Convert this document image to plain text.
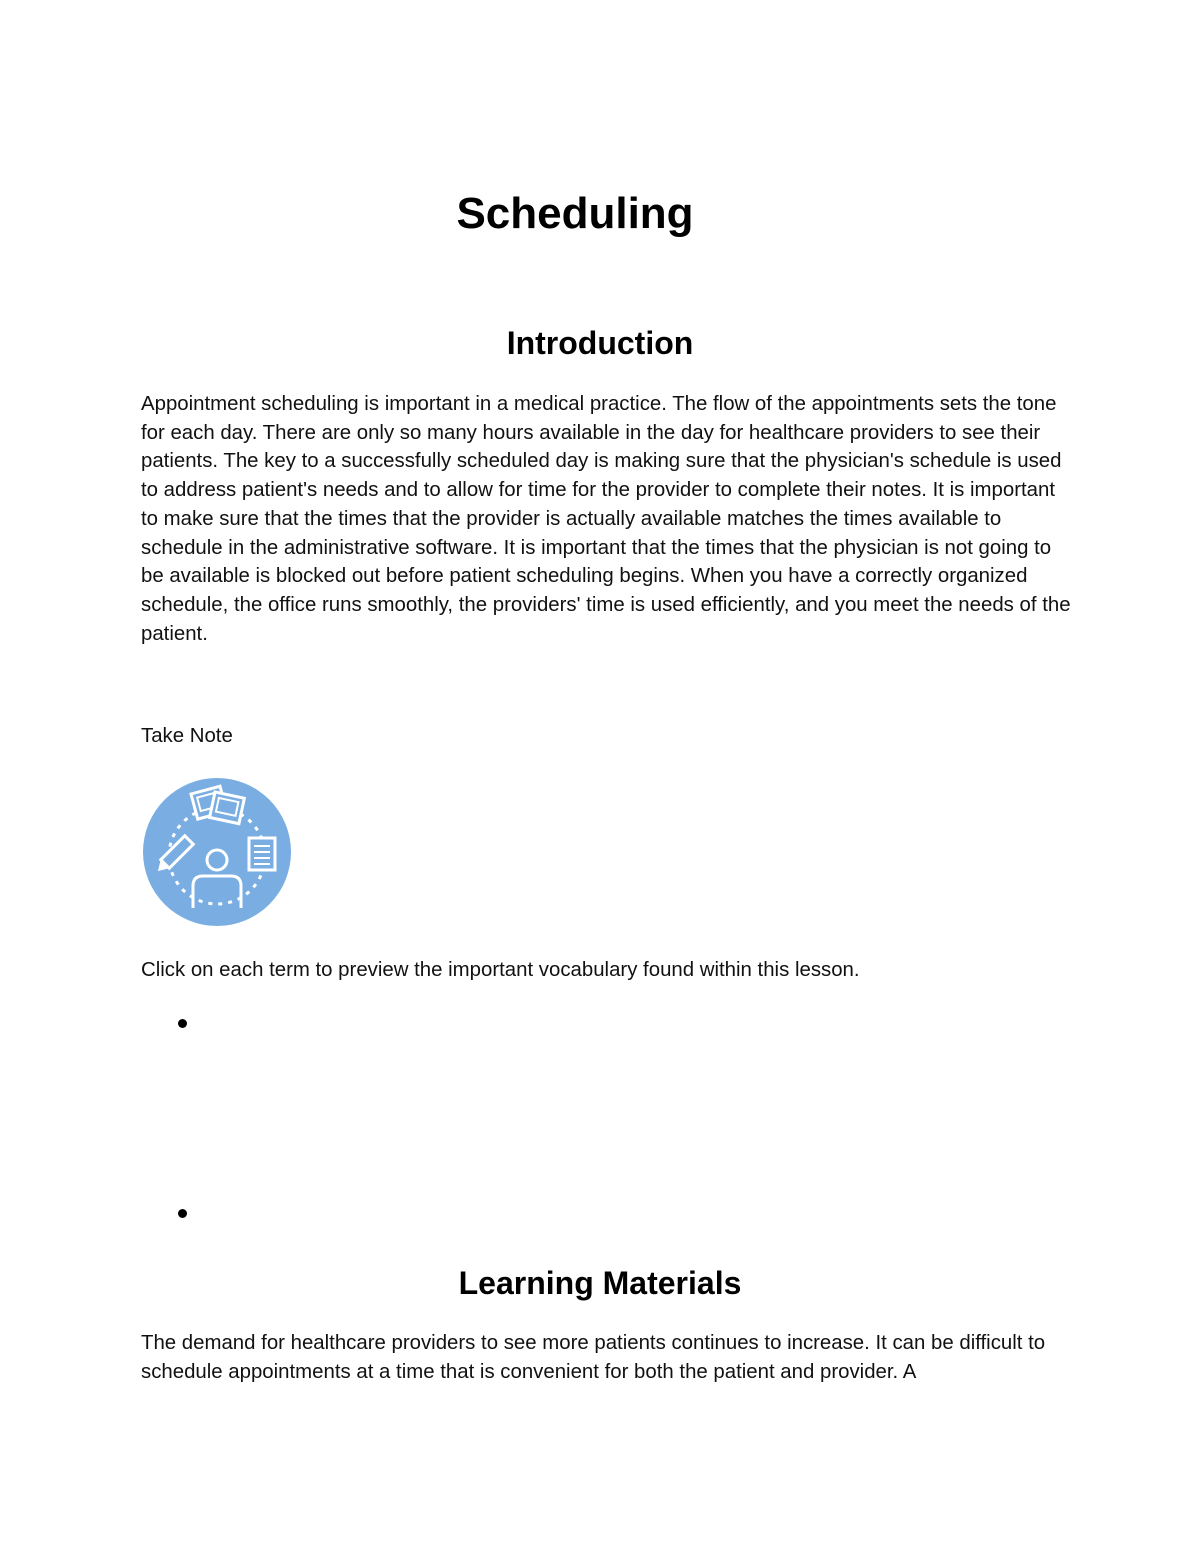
Scheduling
Introduction

Appointment scheduling is important in a medical practice. The flow of the appointments sets the tone for each day. There are only so many hours available in the day for healthcare providers to see their patients. The key to a successfully scheduled day is making sure that the physician's schedule is used to address patient's needs and to allow for time for the provider to complete their notes. It is important to make sure that the times that the provider is actually available matches the times available to schedule in the administrative software. It is important that the times that the physician is not going to be available is blocked out before patient scheduling begins. When you have a correctly organized schedule, the office runs smoothly, the providers' time is used efficiently, and you meet the needs of the patient.

Take Note

Click on each term to preview the important vocabulary found within this lesson.

Learning Materials

The demand for healthcare providers to see more patients continues to increase. It can be difficult to schedule appointments at a time that is convenient for both the patient and provider. A
